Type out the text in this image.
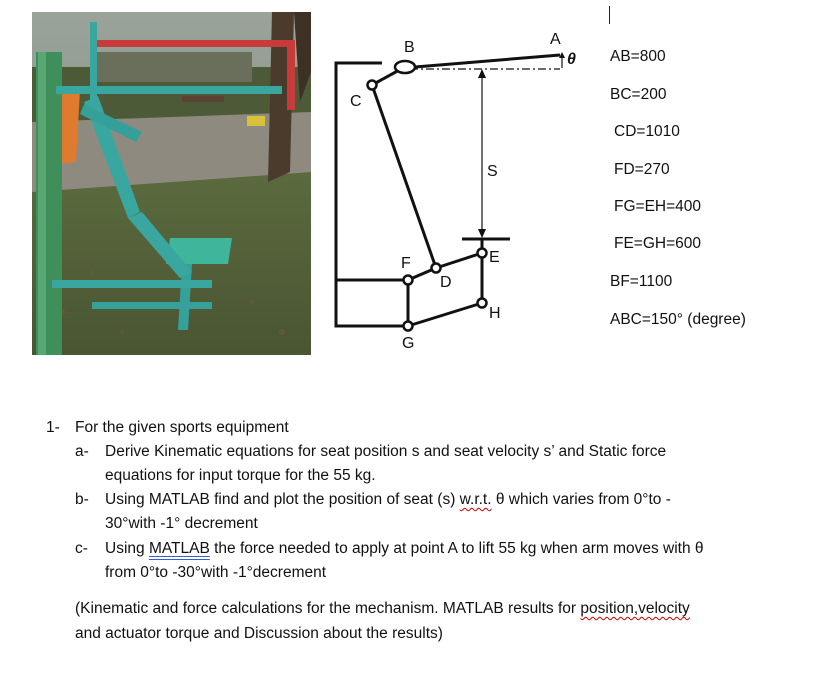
B	A
θ
C
S
E
F
D
H
G
AB=800
BC=200
CD=1010
FD=270
FG=EH=400
FE=GH=600
BF=1100
ABC=150° (degree)
1- For the given sports equipment
a- Derive Kinematic equations for seat position s and seat velocity s’ and Static force
equations for input torque for the 55 kg.
b- Using MATLAB find and plot the position of seat (s) w.r.t. θ which varies from 0°to -
30°with -1° decrement
c- Using MATLAB the force needed to apply at point A to lift 55 kg when arm moves with θ
from 0°to -30°with -1°decrement
(Kinematic and force calculations for the mechanism. MATLAB results for position,velocity
and actuator torque and Discussion about the results)
